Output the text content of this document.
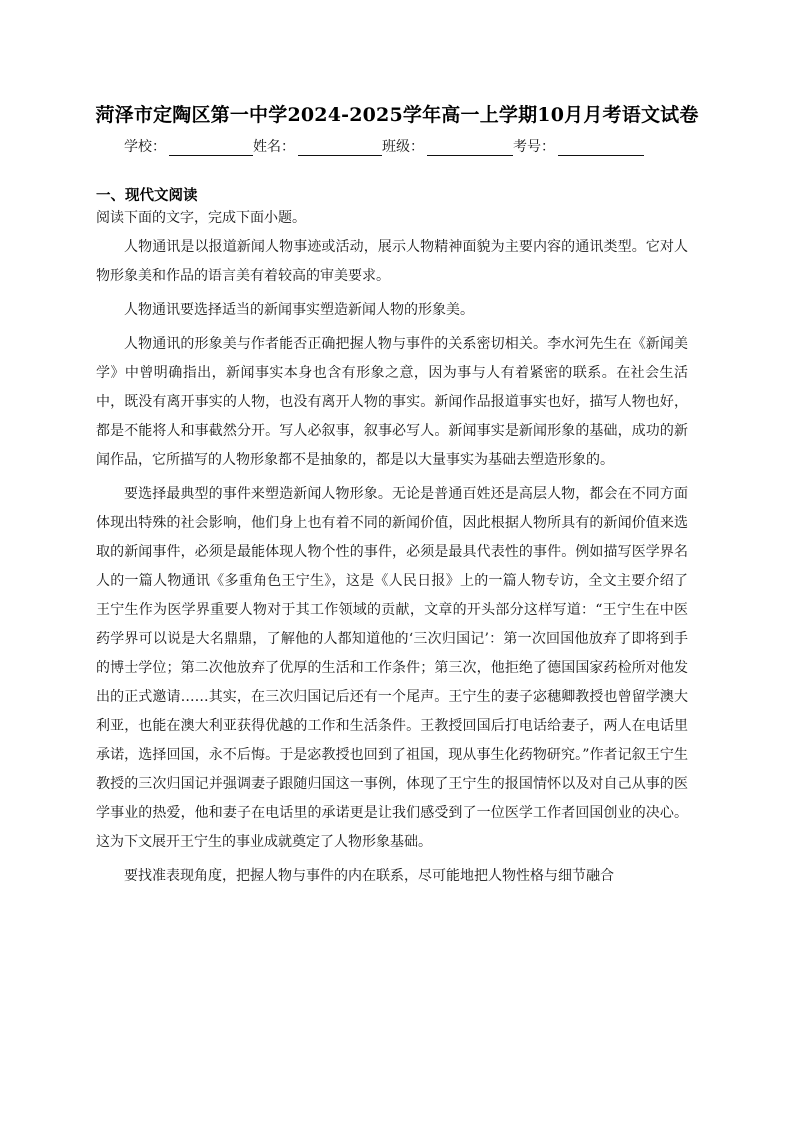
菏泽市定陶区第一中学2024-2025学年高一上学期10月月考语文试卷
学校：	姓名：	班级：	考号：
一、现代文阅读
阅读下面的文字，完成下面小题。

人物通讯是以报道新闻人物事迹或活动，展示人物精神面貌为主要内容的通讯类型。它对人物形象美和作品的语言美有着较高的审美要求。

人物通讯要选择适当的新闻事实塑造新闻人物的形象美。

人物通讯的形象美与作者能否正确把握人物与事件的关系密切相关。李水河先生在《新闻美学》中曾明确指出，新闻事实本身也含有形象之意，因为事与人有着紧密的联系。在社会生活中，既没有离开事实的人物，也没有离开人物的事实。新闻作品报道事实也好，描写人物也好，都是不能将人和事截然分开。写人必叙事，叙事必写人。新闻事实是新闻形象的基础，成功的新闻作品，它所描写的人物形象都不是抽象的，都是以大量事实为基础去塑造形象的。

要选择最典型的事件来塑造新闻人物形象。无论是普通百姓还是高层人物，都会在不同方面体现出特殊的社会影响，他们身上也有着不同的新闻价值，因此根据人物所具有的新闻价值来选取的新闻事件，必须是最能体现人物个性的事件，必须是最具代表性的事件。例如描写医学界名人的一篇人物通讯《多重角色王宁生》，这是《人民日报》上的一篇人物专访，全文主要介绍了王宁生作为医学界重要人物对于其工作领域的贡献，文章的开头部分这样写道：“王宁生在中医药学界可以说是大名鼎鼎，了解他的人都知道他的‘三次归国记’：第一次回国他放弃了即将到手的博士学位；第二次他放弃了优厚的生活和工作条件；第三次，他拒绝了德国国家药检所对他发出的正式邀请……其实，在三次归国记后还有一个尾声。王宁生的妻子宓穗卿教授也曾留学澳大利亚，也能在澳大利亚获得优越的工作和生活条件。王教授回国后打电话给妻子，两人在电话里承诺，选择回国，永不后悔。于是宓教授也回到了祖国，现从事生化药物研究。”作者记叙王宁生教授的三次归国记并强调妻子跟随归国这一事例，体现了王宁生的报国情怀以及对自己从事的医学事业的热爱，他和妻子在电话里的承诺更是让我们感受到了一位医学工作者回国创业的决心。这为下文展开王宁生的事业成就奠定了人物形象基础。

要找准表现角度，把握人物与事件的内在联系，尽可能地把人物性格与细节融合
